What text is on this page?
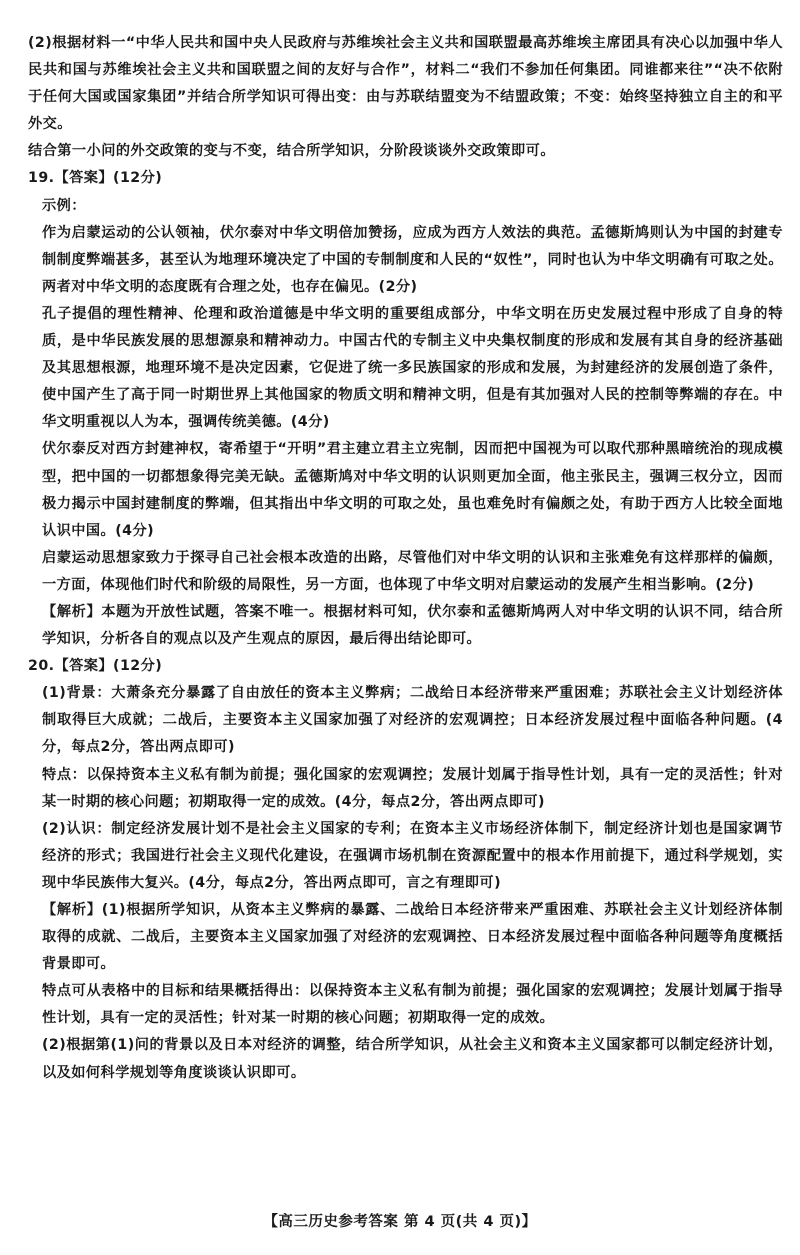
(2)根据材料一“中华人民共和国中央人民政府与苏维埃社会主义共和国联盟最高苏维埃主席团具有决心以加强中华人民共和国与苏维埃社会主义共和国联盟之间的友好与合作”，材料二“我们不参加任何集团。同谁都来往”“决不依附于任何大国或国家集团”并结合所学知识可得出变：由与苏联结盟变为不结盟政策；不变：始终坚持独立自主的和平外交。

结合第一小问的外交政策的变与不变，结合所学知识，分阶段谈谈外交政策即可。

19.【答案】(12分)

示例：

作为启蒙运动的公认领袖，伏尔泰对中华文明倍加赞扬，应成为西方人效法的典范。孟德斯鸠则认为中国的封建专制制度弊端甚多，甚至认为地理环境决定了中国的专制制度和人民的“奴性”，同时也认为中华文明确有可取之处。两者对中华文明的态度既有合理之处，也存在偏见。(2分)

孔子提倡的理性精神、伦理和政治道德是中华文明的重要组成部分，中华文明在历史发展过程中形成了自身的特质，是中华民族发展的思想源泉和精神动力。中国古代的专制主义中央集权制度的形成和发展有其自身的经济基础及其思想根源，地理环境不是决定因素，它促进了统一多民族国家的形成和发展，为封建经济的发展创造了条件，使中国产生了高于同一时期世界上其他国家的物质文明和精神文明，但是有其加强对人民的控制等弊端的存在。中华文明重视以人为本，强调传统美德。(4分)

伏尔泰反对西方封建神权，寄希望于“开明”君主建立君主立宪制，因而把中国视为可以取代那种黑暗统治的现成模型，把中国的一切都想象得完美无缺。孟德斯鸠对中华文明的认识则更加全面，他主张民主，强调三权分立，因而极力揭示中国封建制度的弊端，但其指出中华文明的可取之处，虽也难免时有偏颇之处，有助于西方人比较全面地认识中国。(4分)

启蒙运动思想家致力于探寻自己社会根本改造的出路，尽管他们对中华文明的认识和主张难免有这样那样的偏颇，一方面，体现他们时代和阶级的局限性，另一方面，也体现了中华文明对启蒙运动的发展产生相当影响。(2分)

【解析】本题为开放性试题，答案不唯一。根据材料可知，伏尔泰和孟德斯鸠两人对中华文明的认识不同，结合所学知识，分析各自的观点以及产生观点的原因，最后得出结论即可。

20.【答案】(12分)

(1)背景：大萧条充分暴露了自由放任的资本主义弊病；二战给日本经济带来严重困难；苏联社会主义计划经济体制取得巨大成就；二战后，主要资本主义国家加强了对经济的宏观调控；日本经济发展过程中面临各种问题。(4分，每点2分，答出两点即可)

特点：以保持资本主义私有制为前提；强化国家的宏观调控；发展计划属于指导性计划，具有一定的灵活性；针对某一时期的核心问题；初期取得一定的成效。(4分，每点2分，答出两点即可)

(2)认识：制定经济发展计划不是社会主义国家的专利；在资本主义市场经济体制下，制定经济计划也是国家调节经济的形式；我国进行社会主义现代化建设，在强调市场机制在资源配置中的根本作用前提下，通过科学规划，实现中华民族伟大复兴。(4分，每点2分，答出两点即可，言之有理即可)

【解析】(1)根据所学知识，从资本主义弊病的暴露、二战给日本经济带来严重困难、苏联社会主义计划经济体制取得的成就、二战后，主要资本主义国家加强了对经济的宏观调控、日本经济发展过程中面临各种问题等角度概括背景即可。

特点可从表格中的目标和结果概括得出：以保持资本主义私有制为前提；强化国家的宏观调控；发展计划属于指导性计划，具有一定的灵活性；针对某一时期的核心问题；初期取得一定的成效。

(2)根据第(1)问的背景以及日本对经济的调整，结合所学知识，从社会主义和资本主义国家都可以制定经济计划，以及如何科学规划等角度谈谈认识即可。

【高三历史参考答案 第 4 页(共 4 页)】
